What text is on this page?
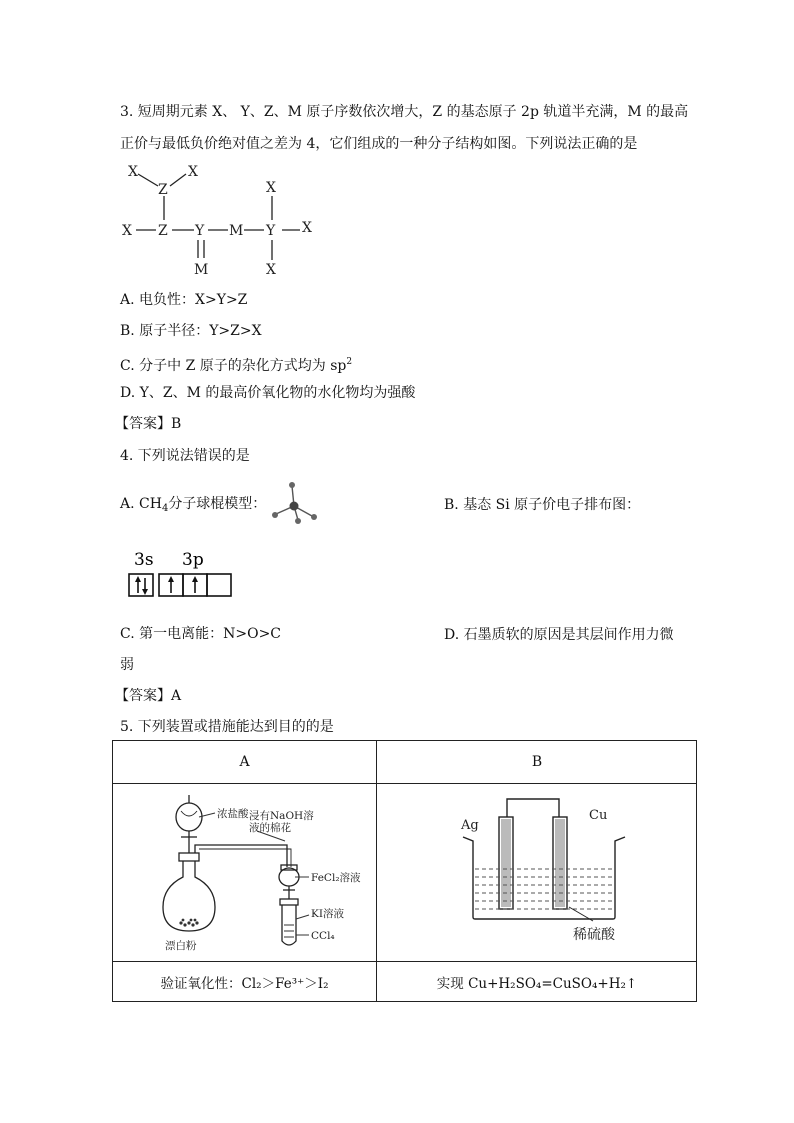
3. 短周期元素 X、 Y、Z、M 原子序数依次增大，Z 的基态原子 2p 轨道半充满，M 的最高
正价与最低负价绝对值之差为 4，它们组成的一种分子结构如图。下列说法正确的是
X	X
Z
X Z Y M Y
X
X
X
M
A. 电负性：X>Y>Z
B. 原子半径：Y>Z>X
C. 分子中 Z 原子的杂化方式均为 $sp^2$
D. Y、Z、M 的最高价氧化物的水化物均为强酸
【答案】B
4. 下列说法错误的是
A. $CH_4$分子球棍模型：	B. 基态 Si 原子价电子排布图：
3s 3p
C. 第一电离能：N>O>C	D. 石墨质软的原因是其层间作用力微
弱
【答案】A
5. 下列装置或措施能达到目的的是
A	B
浓盐酸 浸有NaOH溶
液的棉花
FeCl₂溶液
KI溶液
CCl₄
漂白粉
Ag
Cu
稀硫酸
验证氧化性：Cl₂＞Fe³⁺＞I₂	实现 Cu+H₂SO₄=CuSO₄+H₂↑
